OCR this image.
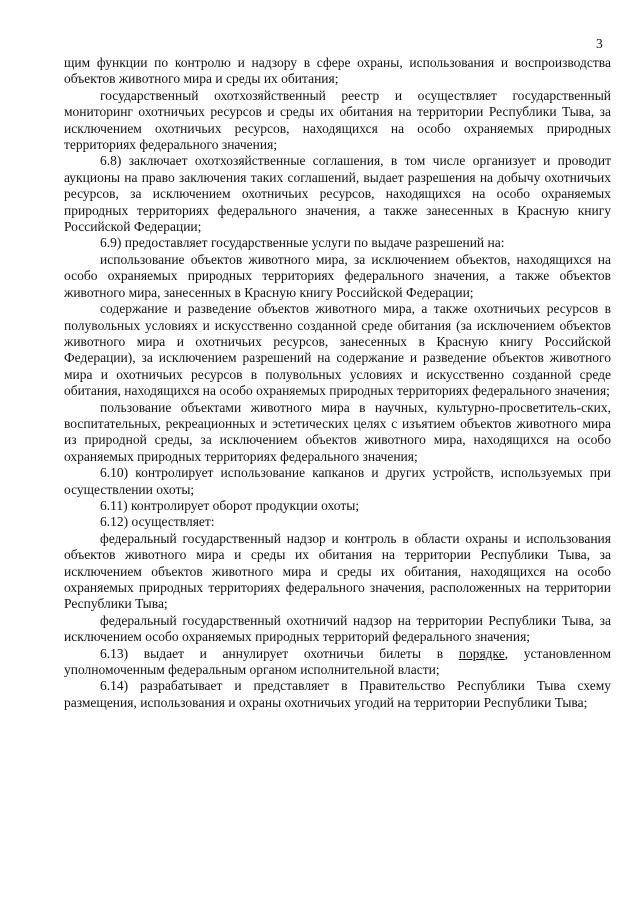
3

щим функции по контролю и надзору в сфере охраны, использования и воспроизводства объектов животного мира и среды их обитания;

государственный охотхозяйственный реестр и осуществляет государственный мониторинг охотничьих ресурсов и среды их обитания на территории Республики Тыва, за исключением охотничьих ресурсов, находящихся на особо охраняемых природных территориях федерального значения;

6.8) заключает охотхозяйственные соглашения, в том числе организует и проводит аукционы на право заключения таких соглашений, выдает разрешения на добычу охотничьих ресурсов, за исключением охотничьих ресурсов, находящихся на особо охраняемых природных территориях федерального значения, а также занесенных в Красную книгу Российской Федерации;

6.9) предоставляет государственные услуги по выдаче разрешений на:

использование объектов животного мира, за исключением объектов, находящихся на особо охраняемых природных территориях федерального значения, а также объектов животного мира, занесенных в Красную книгу Российской Федерации;

содержание и разведение объектов животного мира, а также охотничьих ресурсов в полувольных условиях и искусственно созданной среде обитания (за исключением объектов животного мира и охотничьих ресурсов, занесенных в Красную книгу Российской Федерации), за исключением разрешений на содержание и разведение объектов животного мира и охотничьих ресурсов в полувольных условиях и искусственно созданной среде обитания, находящихся на особо охраняемых природных территориях федерального значения;

пользование объектами животного мира в научных, культурно-просветитель-ских, воспитательных, рекреационных и эстетических целях с изъятием объектов животного мира из природной среды, за исключением объектов животного мира, находящихся на особо охраняемых природных территориях федерального значения;

6.10) контролирует использование капканов и других устройств, используемых при осуществлении охоты;

6.11) контролирует оборот продукции охоты;

6.12) осуществляет:

федеральный государственный надзор и контроль в области охраны и использования объектов животного мира и среды их обитания на территории Республики Тыва, за исключением объектов животного мира и среды их обитания, находящихся на особо охраняемых природных территориях федерального значения, расположенных на территории Республики Тыва;

федеральный государственный охотничий надзор на территории Республики Тыва, за исключением особо охраняемых природных территорий федерального значения;

6.13) выдает и аннулирует охотничьи билеты в порядке, установленном уполномоченным федеральным органом исполнительной власти;

6.14) разрабатывает и представляет в Правительство Республики Тыва схему размещения, использования и охраны охотничьих угодий на территории Республики Тыва;
